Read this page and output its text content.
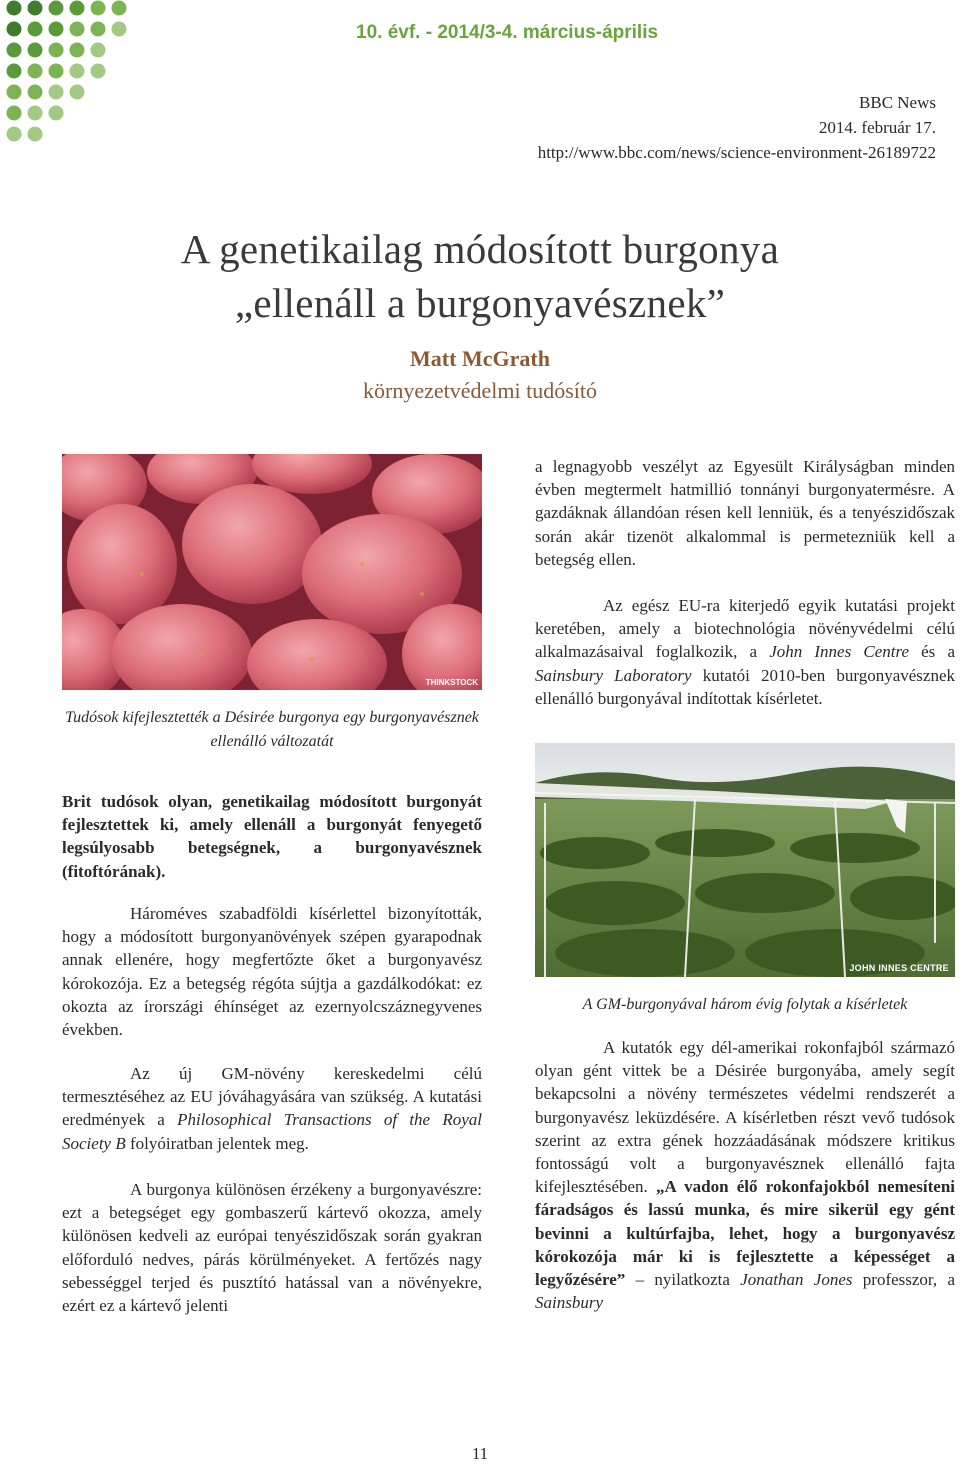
10. évf. - 2014/3-4. március-április
BBC News
2014. február 17.
http://www.bbc.com/news/science-environment-26189722
A genetikailag módosított burgonya
„ellenáll a burgonyavésznek”
Matt McGrath
környezetvédelmi tudósító
THINKSTOCK
Tudósok kifejlesztették a Désirée burgonya egy burgonyavésznek ellenálló változatát

Brit tudósok olyan, genetikailag módosított burgonyát fejlesztettek ki, amely ellenáll a burgonyát fenyegető legsúlyosabb betegségnek, a burgonyavésznek (fitoftórának).

Hároméves szabadföldi kísérlettel bizonyították, hogy a módosított burgonyanövények szépen gyarapodnak annak ellenére, hogy megfertőzte őket a burgonyavész kórokozója. Ez a betegség régóta sújtja a gazdálkodókat: ez okozta az írországi éhínséget az ezernyolcszáznegyvenes években.

Az új GM-növény kereskedelmi célú termesztéséhez az EU jóváhagyására van szükség. A kutatási eredmények a Philosophical Transactions of the Royal Society B folyóiratban jelentek meg.

A burgonya különösen érzékeny a burgonyavészre: ezt a betegséget egy gombaszerű kártevő okozza, amely különösen kedveli az európai tenyészidőszak során gyakran előforduló nedves, párás körülményeket. A fertőzés nagy sebességgel terjed és pusztító hatással van a növényekre, ezért ez a kártevő jelenti

a legnagyobb veszélyt az Egyesült Királyságban minden évben megtermelt hatmillió tonnányi burgonyatermésre. A gazdáknak állandóan résen kell lenniük, és a tenyészidőszak során akár tizenöt alkalommal is permetezniük kell a betegség ellen.

Az egész EU-ra kiterjedő egyik kutatási projekt keretében, amely a biotechnológia növényvédelmi célú alkalmazásaival foglalkozik, a John Innes Centre és a Sainsbury Laboratory kutatói 2010-ben burgonyavésznek ellenálló burgonyával indítottak kísérletet.

JOHN INNES CENTRE
A GM-burgonyával három évig folytak a kísérletek

A kutatók egy dél-amerikai rokonfajból származó olyan gént vittek be a Désirée burgonyába, amely segít bekapcsolni a növény természetes védelmi rendszerét a burgonyavész leküzdésére. A kísérletben részt vevő tudósok szerint az extra gének hozzáadásának módszere kritikus fontosságú volt a burgonyavésznek ellenálló fajta kifejlesztésében. „A vadon élő rokonfajokból nemesíteni fáradságos és lassú munka, és mire sikerül egy gént bevinni a kultúrfajba, lehet, hogy a burgonyavész kórokozója már ki is fejlesztette a képességet a legyőzésére” – nyilatkozta Jonathan Jones professzor, a Sainsbury

11
